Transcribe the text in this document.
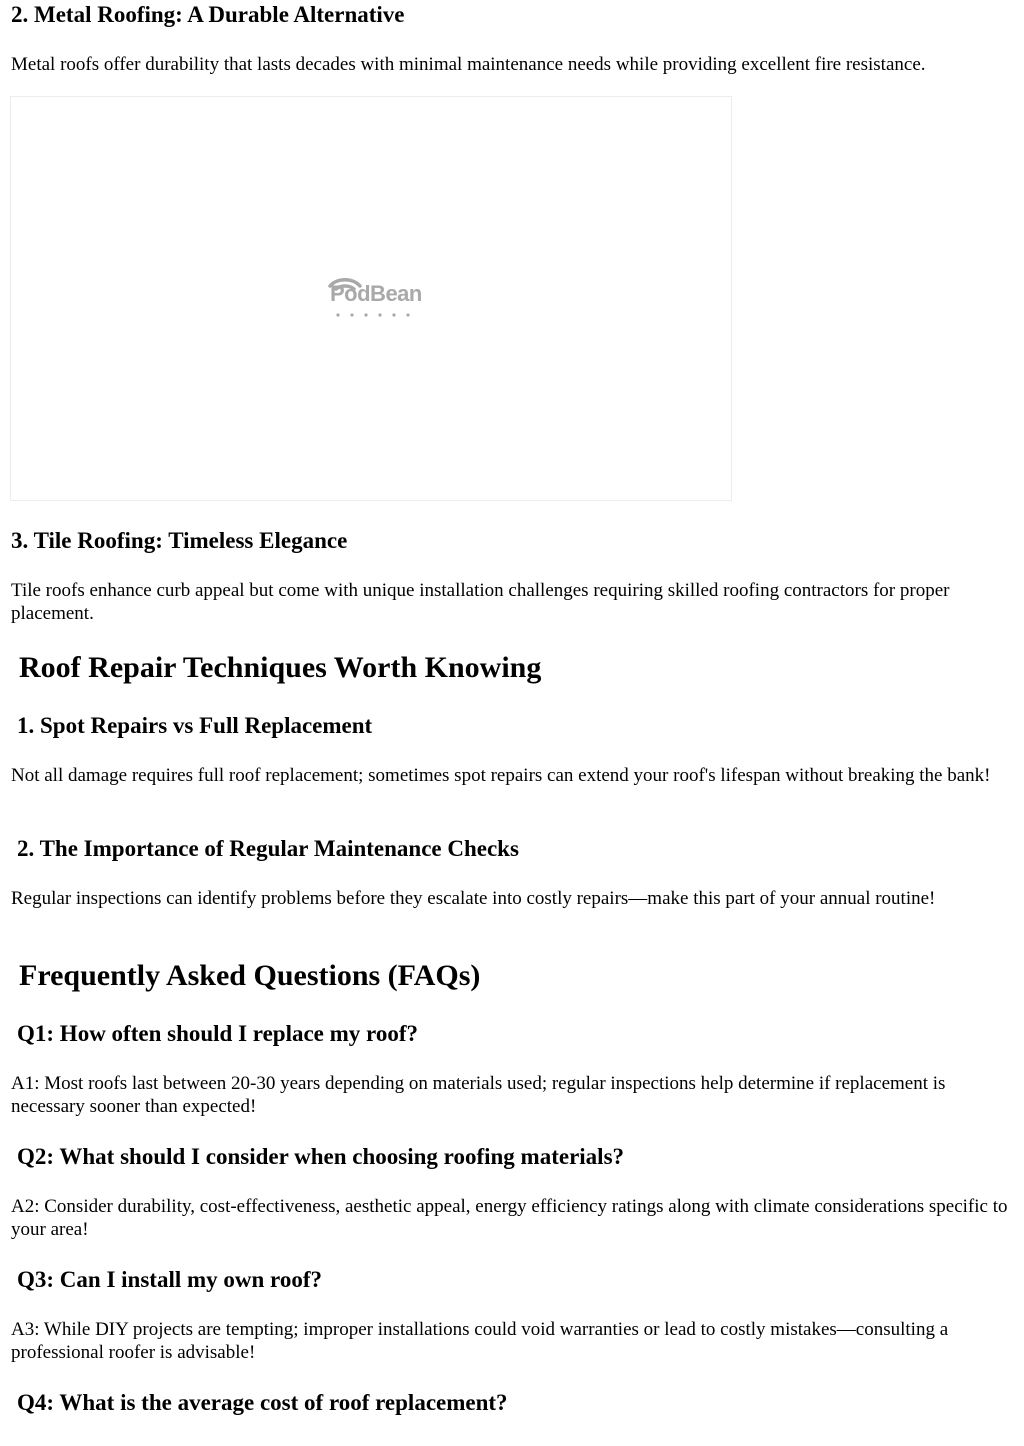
2. Metal Roofing: A Durable Alternative

Metal roofs offer durability that lasts decades with minimal maintenance needs while providing excellent fire resistance.

PodBean
3. Tile Roofing: Timeless Elegance

Tile roofs enhance curb appeal but come with unique installation challenges requiring skilled roofing contractors for proper placement.

Roof Repair Techniques Worth Knowing
1. Spot Repairs vs Full Replacement

Not all damage requires full roof replacement; sometimes spot repairs can extend your roof's lifespan without breaking the bank!

2. The Importance of Regular Maintenance Checks

Regular inspections can identify problems before they escalate into costly repairs—make this part of your annual routine!

Frequently Asked Questions (FAQs)
Q1: How often should I replace my roof?

A1: Most roofs last between 20-30 years depending on materials used; regular inspections help determine if replacement is necessary sooner than expected!

Q2: What should I consider when choosing roofing materials?

A2: Consider durability, cost-effectiveness, aesthetic appeal, energy efficiency ratings along with climate considerations specific to your area!

Q3: Can I install my own roof?

A3: While DIY projects are tempting; improper installations could void warranties or lead to costly mistakes—consulting a professional roofer is advisable!

Q4: What is the average cost of roof replacement?
